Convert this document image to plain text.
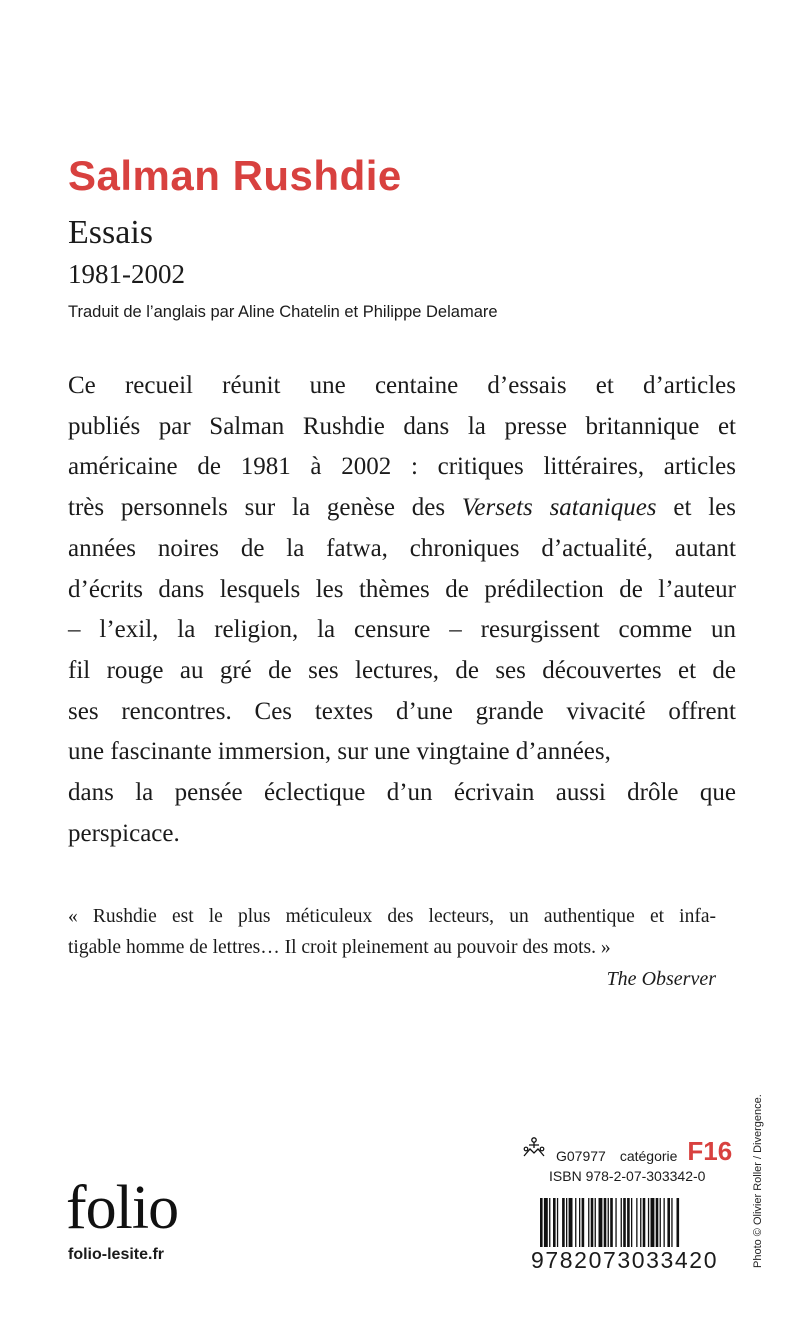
Salman Rushdie
Essais
1981-2002
Traduit de l’anglais par Aline Chatelin et Philippe Delamare
Ce recueil réunit une centaine d’essais et d’articles
publiés par Salman Rushdie dans la presse britannique et
américaine de 1981 à 2002 : critiques littéraires, articles
très personnels sur la genèse des Versets sataniques et les
années noires de la fatwa, chroniques d’actualité, autant
d’écrits dans lesquels les thèmes de prédilection de l’auteur
– l’exil, la religion, la censure – resurgissent comme un
fil rouge au gré de ses lectures, de ses découvertes et de
ses rencontres. Ces textes d’une grande vivacité offrent
une fascinante immersion, sur une vingtaine d’années,
dans la pensée éclectique d’un écrivain aussi drôle que
perspicace.
« Rushdie est le plus méticuleux des lecteurs, un authentique et infa-
tigable homme de lettres… Il croit pleinement au pouvoir des mots. »
The Observer
Photo © Olivier Roller / Divergence.
G07977 catégorie F16
ISBN 978-2-07-303342-0
9782073033420
folio
folio-lesite.fr
